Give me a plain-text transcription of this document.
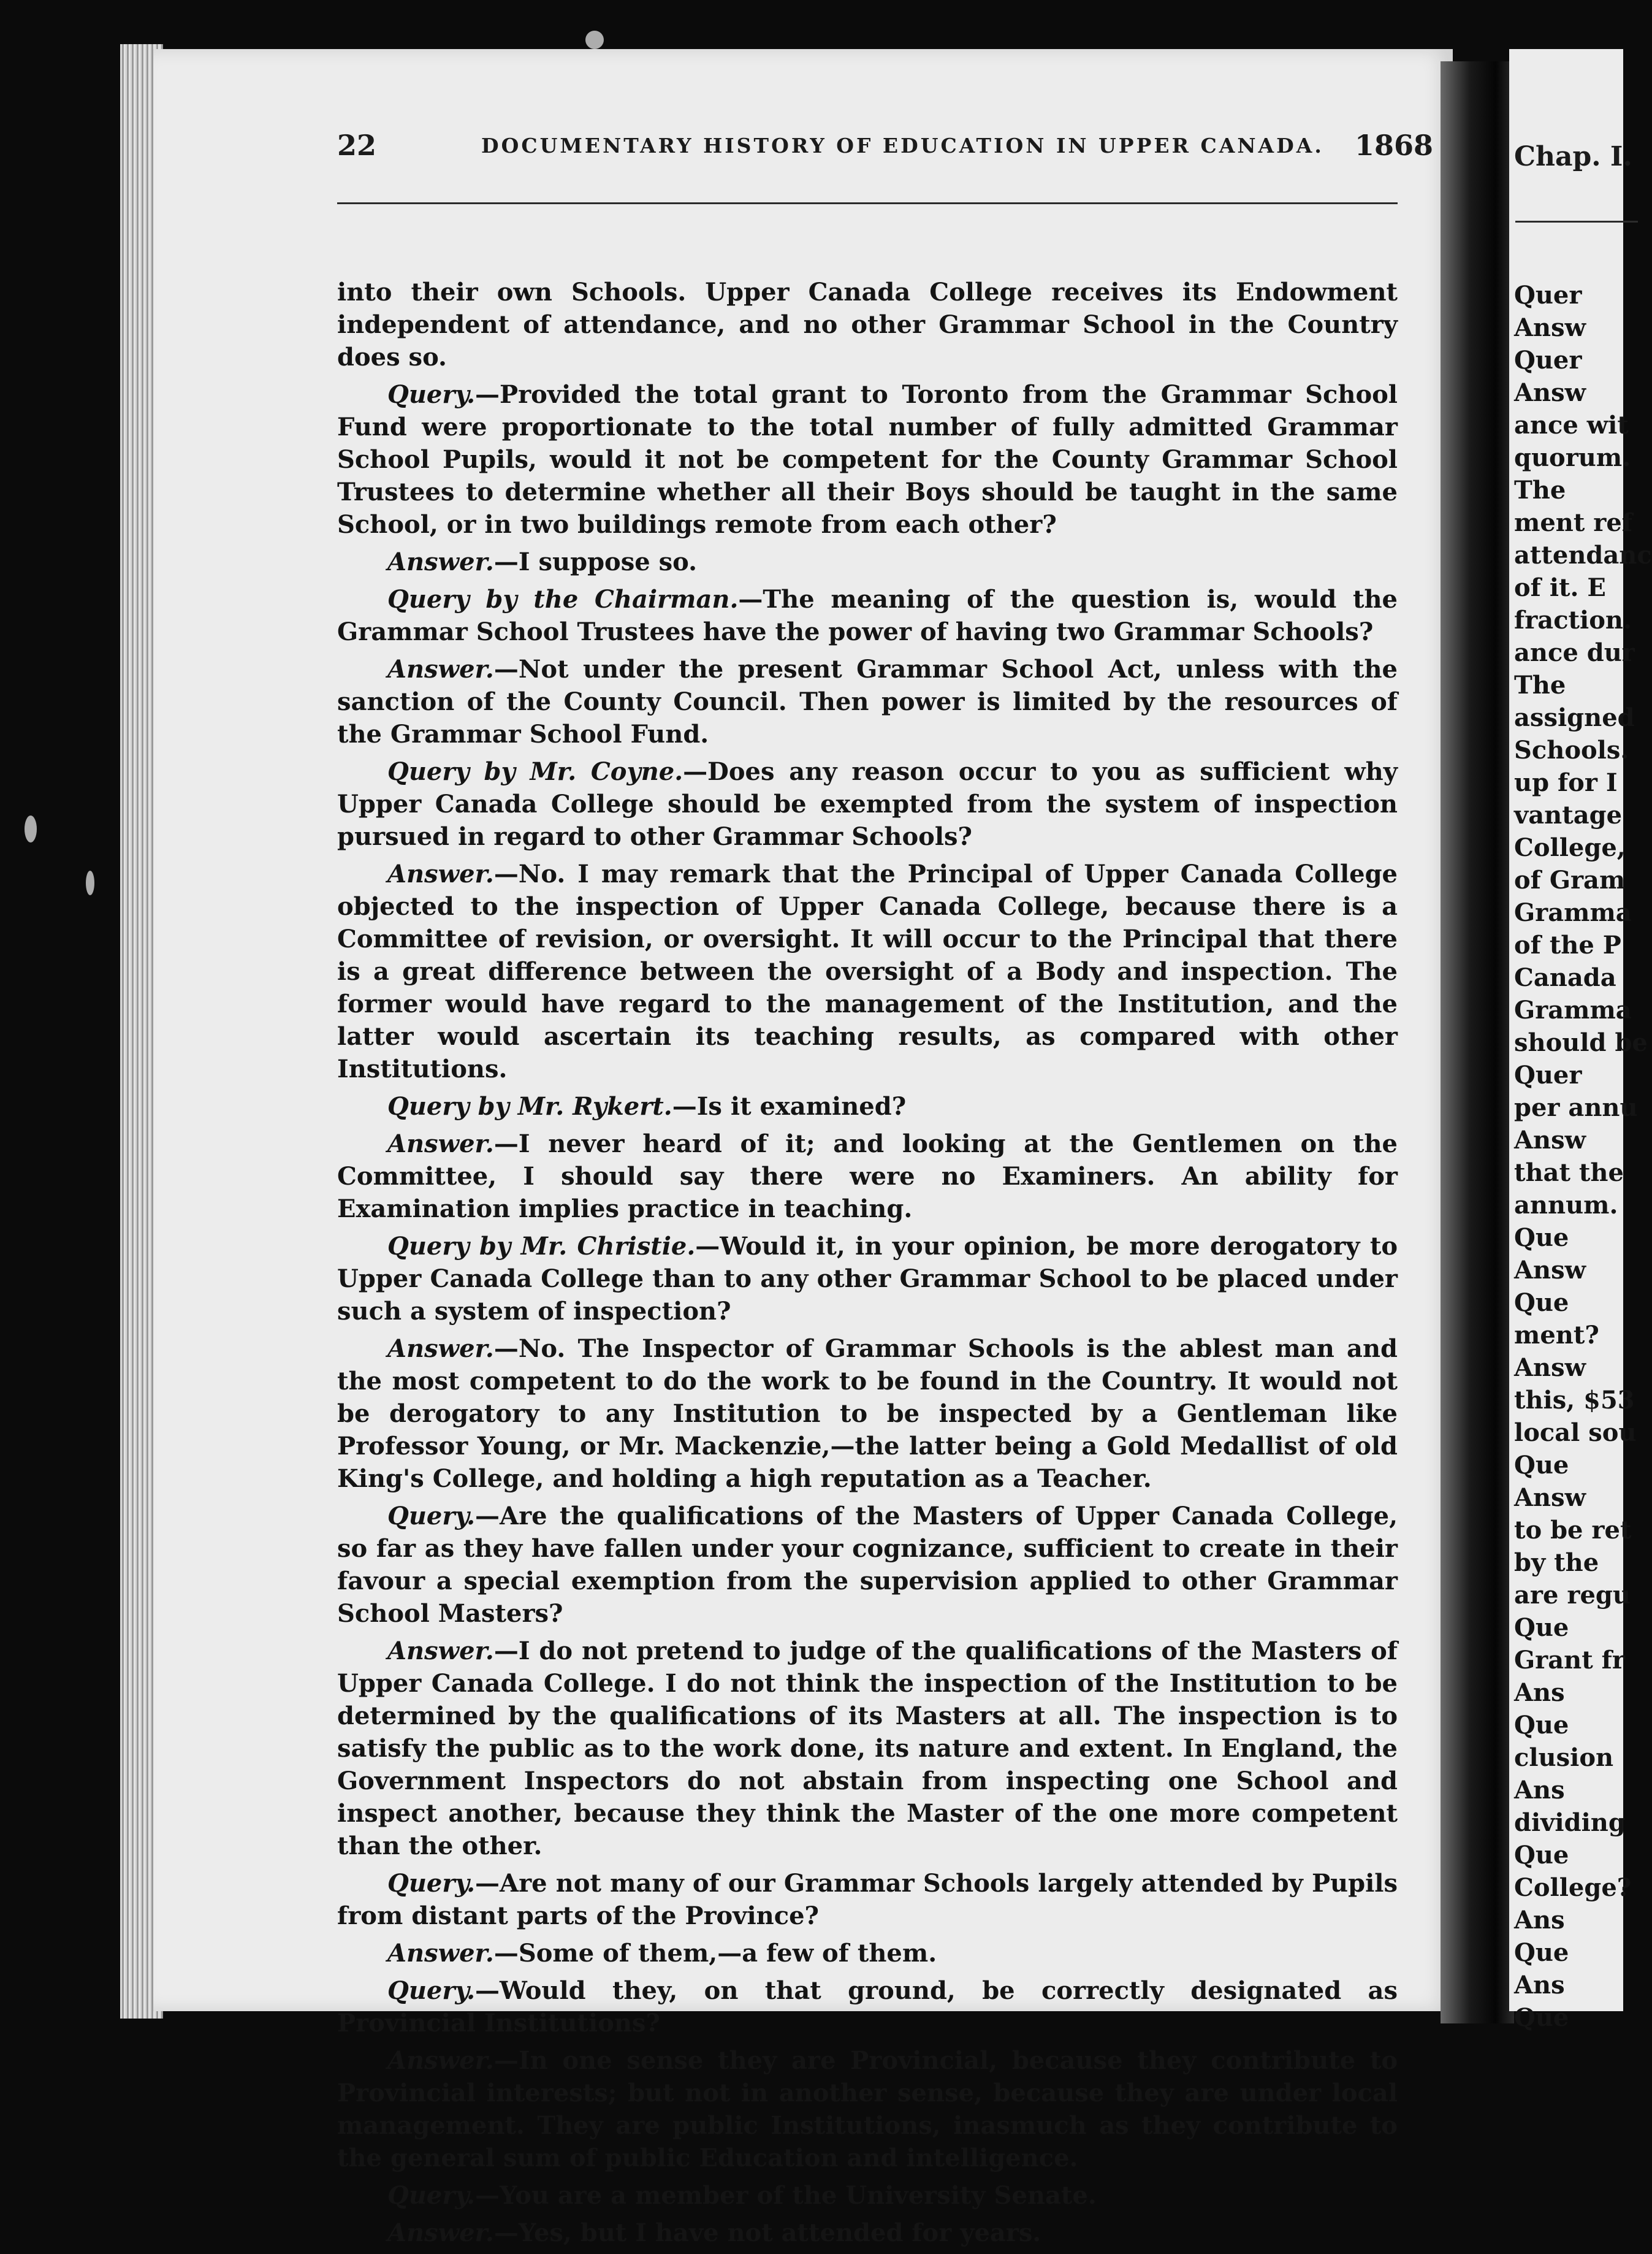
22	DOCUMENTARY HISTORY OF EDUCATION IN UPPER CANADA. 1868

into their own Schools. Upper Canada College receives its Endowment independent of attendance, and no other Grammar School in the Country does so.

Query.—Provided the total grant to Toronto from the Grammar School Fund were proportionate to the total number of fully admitted Grammar School Pupils, would it not be competent for the County Grammar School Trustees to determine whether all their Boys should be taught in the same School, or in two buildings remote from each other?

Answer.—I suppose so.

Query by the Chairman.—The meaning of the question is, would the Grammar School Trustees have the power of having two Grammar Schools?

Answer.—Not under the present Grammar School Act, unless with the sanction of the County Council. Then power is limited by the resources of the Grammar School Fund.

Query by Mr. Coyne.—Does any reason occur to you as sufficient why Upper Canada College should be exempted from the system of inspection pursued in regard to other Grammar Schools?

Answer.—No. I may remark that the Principal of Upper Canada College objected to the inspection of Upper Canada College, because there is a Committee of revision, or oversight. It will occur to the Principal that there is a great difference between the oversight of a Body and inspection. The former would have regard to the management of the Institution, and the latter would ascertain its teaching results, as compared with other Institutions.

Query by Mr. Rykert.—Is it examined?

Answer.—I never heard of it; and looking at the Gentlemen on the Committee, I should say there were no Examiners. An ability for Examination implies practice in teaching.

Query by Mr. Christie.—Would it, in your opinion, be more derogatory to Upper Canada College than to any other Grammar School to be placed under such a system of inspection?

Answer.—No. The Inspector of Grammar Schools is the ablest man and the most competent to do the work to be found in the Country. It would not be derogatory to any Institution to be inspected by a Gentleman like Professor Young, or Mr. Mackenzie,—the latter being a Gold Medallist of old King's College, and holding a high reputation as a Teacher.

Query.—Are the qualifications of the Masters of Upper Canada College, so far as they have fallen under your cognizance, sufficient to create in their favour a special exemption from the supervision applied to other Grammar School Masters?

Answer.—I do not pretend to judge of the qualifications of the Masters of Upper Canada College. I do not think the inspection of the Institution to be determined by the qualifications of its Masters at all. The inspection is to satisfy the public as to the work done, its nature and extent. In England, the Government Inspectors do not abstain from inspecting one School and inspect another, because they think the Master of the one more competent than the other.

Query.—Are not many of our Grammar Schools largely attended by Pupils from distant parts of the Province?

Answer.—Some of them,—a few of them.

Query.—Would they, on that ground, be correctly designated as Provincial Institutions?

Answer.—In one sense they are Provincial, because they contribute to Provincial interests; but not in another sense, because they are under local management. They are public Institutions, inasmuch as they contribute to the general sum of public Education and intelligence.

Query.—You are a member of the University Senate.

Answer.—Yes, but I have not attended for years.

Chap. I.
Quer
Answ
Quer
Answ
ance wit
quorum.
The
ment ref
attendanc
of it. E
fraction.
ance dur
The
assigned
Schools.
up for I
vantage
College,
of Gram
Gramma
of the P
Canada
Gramma
should be
Quer
per annu
Answ
that the
annum.
Que
Answ
Que
ment?
Answ
this, $53
local sou
Que
Answ
to be ret
by the
are regu
Que
Grant fr
Ans
Que
clusion
Ans
dividing
Que
College?
Ans
Que
Ans
Que
